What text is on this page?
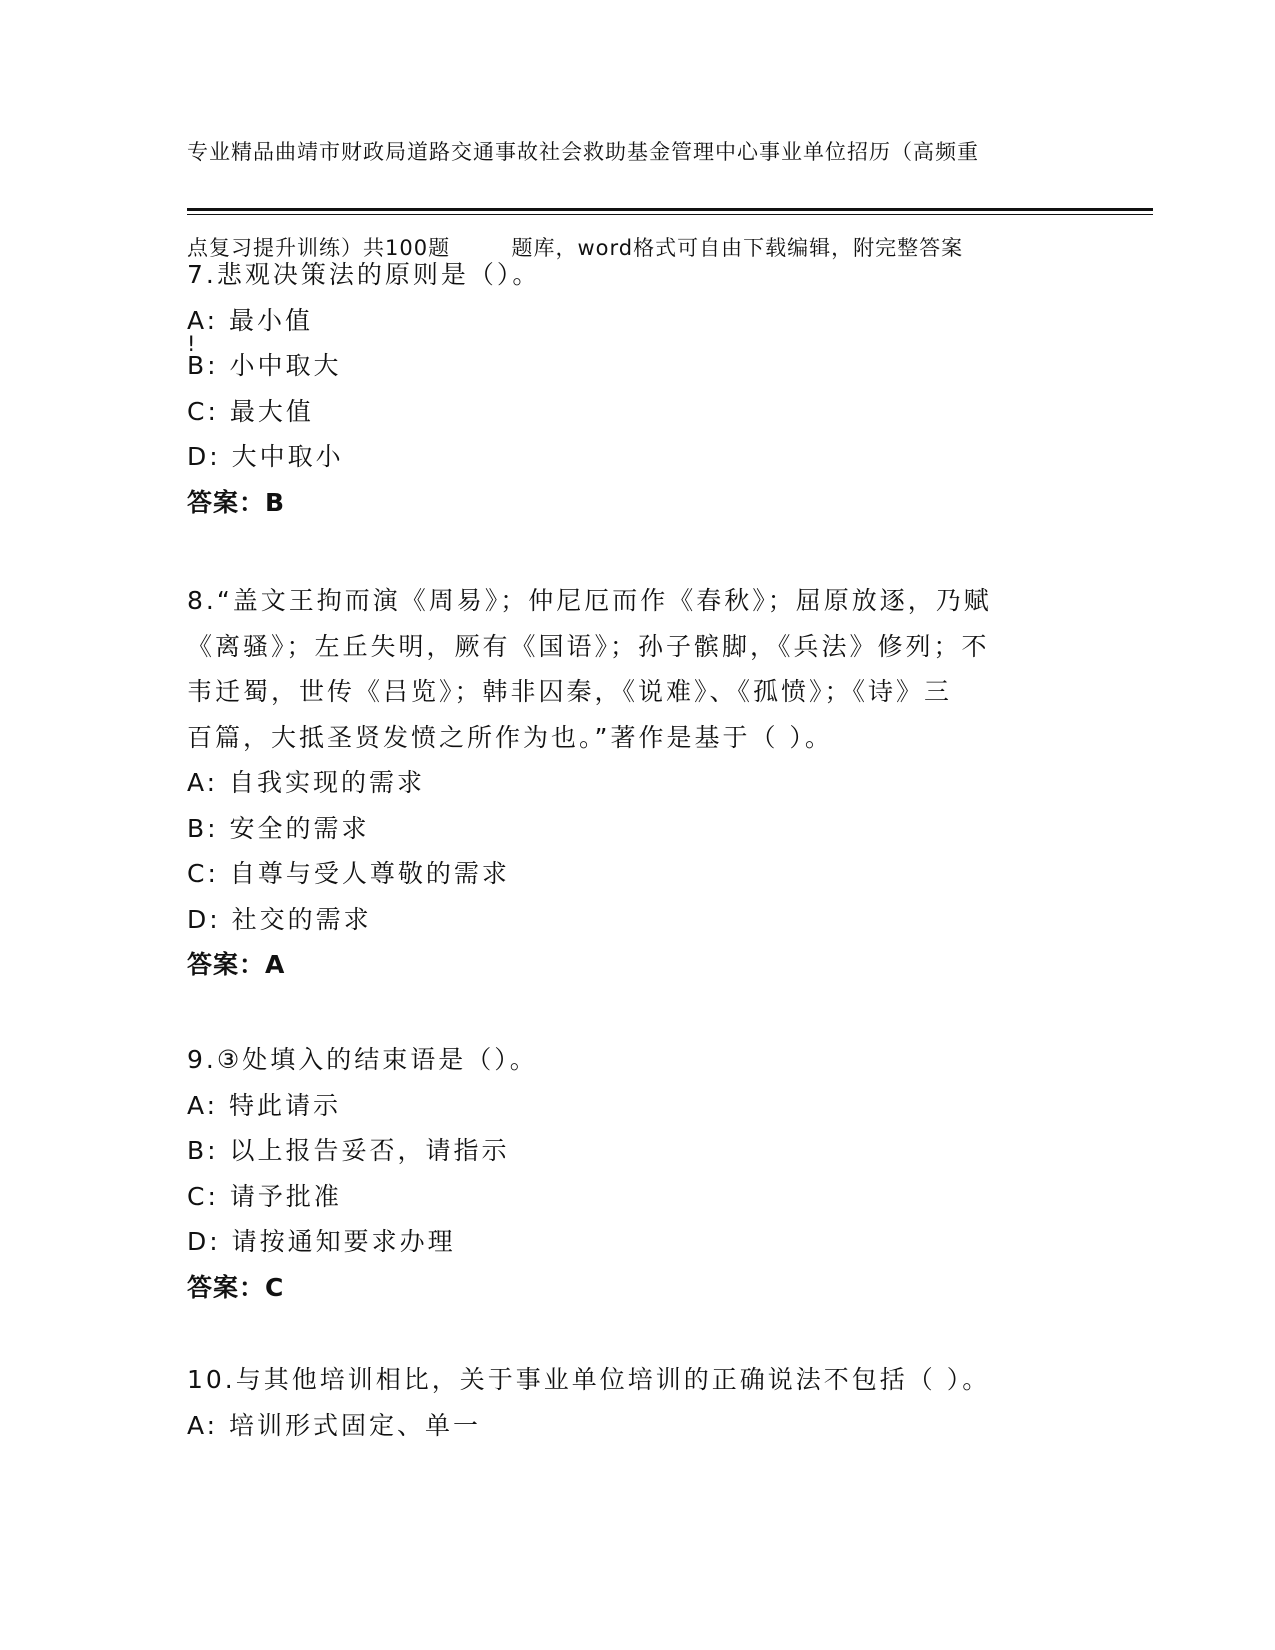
专业精品曲靖市财政局道路交通事故社会救助基金管理中心事业单位招历（高频重

点复习提升训练）共100题        题库，word格式可自由下载编辑，附完整答案

!

7.悲观决策法的原则是（）。
A: 最小值
B: 小中取大
C: 最大值
D: 大中取小
答案：B
8.“盖文王拘而演《周易》；仲尼厄而作《春秋》；屈原放逐，乃赋
《离骚》；左丘失明，厥有《国语》；孙子髌脚，《兵法》修列；不
韦迁蜀，世传《吕览》；韩非囚秦，《说难》、《孤愤》；《诗》三
百篇，大抵圣贤发愤之所作为也。”著作是基于（ ）。
A: 自我实现的需求
B: 安全的需求
C: 自尊与受人尊敬的需求
D: 社交的需求
答案：A
9.③处填入的结束语是（）。
A: 特此请示
B: 以上报告妥否，请指示
C: 请予批准
D: 请按通知要求办理
答案：C
10.与其他培训相比，关于事业单位培训的正确说法不包括（ ）。
A: 培训形式固定、单一
